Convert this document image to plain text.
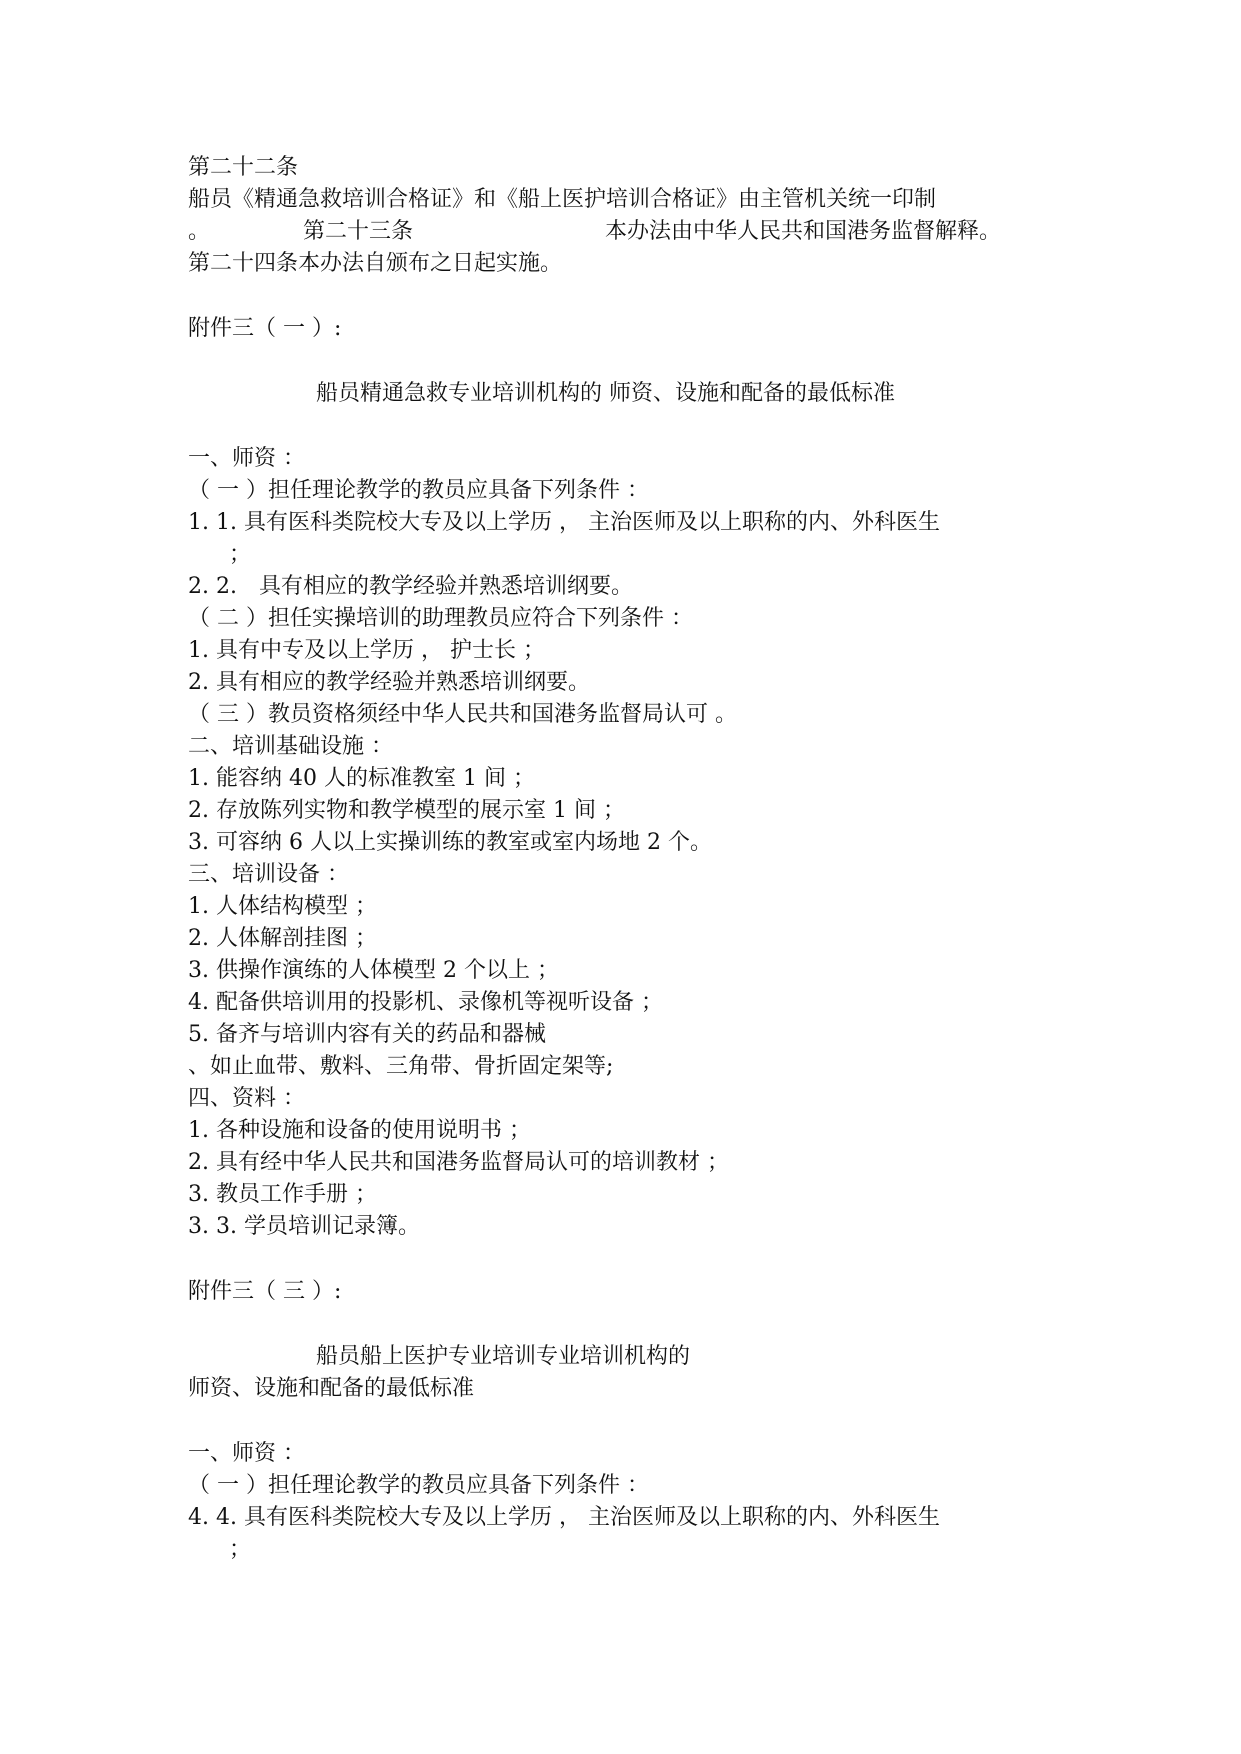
第二十二条
船员《精通急救培训合格证》和《船上医护培训合格证》由主管机关统一印制
。	第二十三条	本办法由中华人民共和国港务监督解释。
第二十四条本办法自颁布之日起实施。
附件三（ 一 ）:
船员精通急救专业培训机构的 师资、设施和配备的最低标准
一、师资 ：
（ 一 ）担任理论教学的教员应具备下列条件 ：
1. 1. 具有医科类院校大专及以上学历 ， 主治医师及以上职称的内、外科医生
；
2. 2.　具有相应的教学经验并熟悉培训纲要。
（ 二 ）担任实操培训的助理教员应符合下列条件 ：
1. 具有中专及以上学历 ， 护士长 ；
2. 具有相应的教学经验并熟悉培训纲要。
（ 三 ）教员资格须经中华人民共和国港务监督局认可 。
二、培训基础设施 ：
1. 能容纳 40 人的标准教室 1 间 ；
2. 存放陈列实物和教学模型的展示室 1 间 ；
3. 可容纳 6 人以上实操训练的教室或室内场地 2 个。
三、培训设备 ：
1. 人体结构模型 ；
2. 人体解剖挂图 ；
3. 供操作演练的人体模型 2 个以上 ；
4. 配备供培训用的投影机、录像机等视听设备 ；
5. 备齐与培训内容有关的药品和器械
、如止血带、敷料、三角带、骨折固定架等;
四、资料 ：
1. 各种设施和设备的使用说明书 ；
2. 具有经中华人民共和国港务监督局认可的培训教材 ；
3. 教员工作手册 ；
3. 3. 学员培训记录簿。
附件三（ 三 ）:
船员船上医护专业培训专业培训机构的
师资、设施和配备的最低标准
一、师资 ：
（ 一 ）担任理论教学的教员应具备下列条件 ：
4. 4. 具有医科类院校大专及以上学历 ， 主治医师及以上职称的内、外科医生
；
